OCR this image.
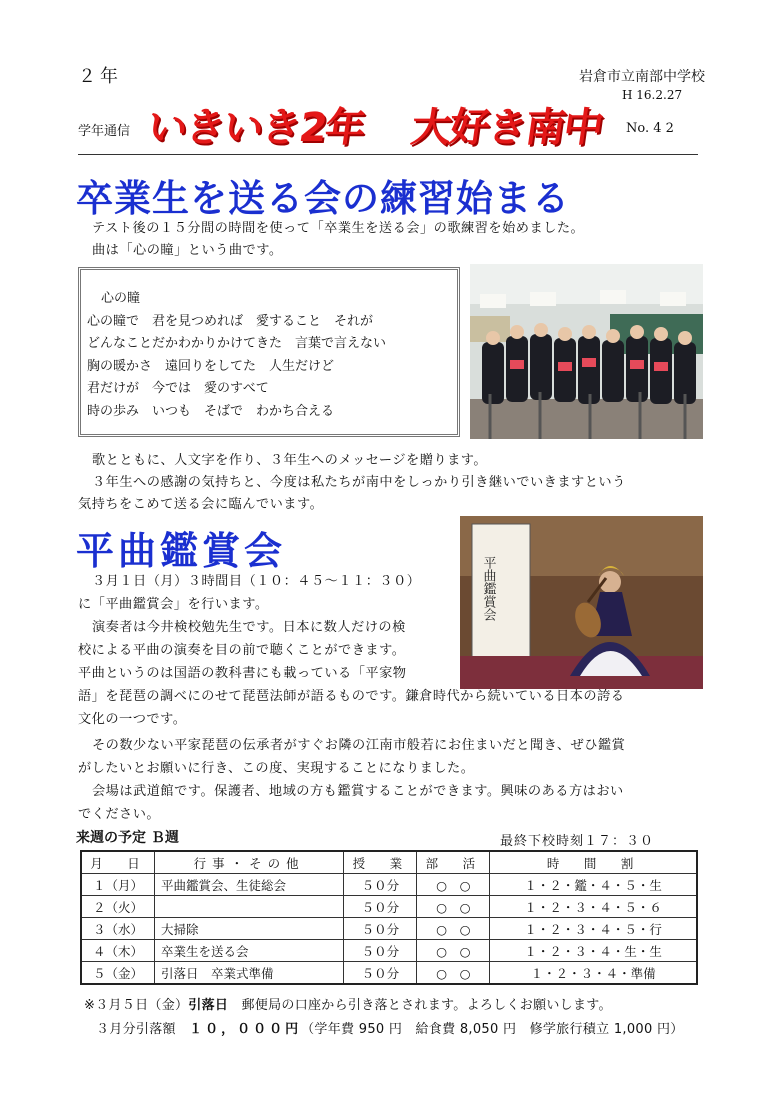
２年	岩倉市立南部中学校
H 16.2.27
学年通信 いきいき2年 大好き南中 No. 4 2
卒業生を送る会の練習始まる
テスト後の１５分間の時間を使って「卒業生を送る会」の歌練習を始めました。
曲は「心の瞳」という曲です。
心の瞳
心の瞳で　君を見つめれば　愛すること　それが
どんなことだかわかりかけてきた　言葉で言えない
胸の暖かさ　遠回りをしてた　人生だけど
君だけが　今では　愛のすべて
時の歩み　いつも　そばで　わかち合える
歌とともに、人文字を作り、３年生へのメッセージを贈ります。
３年生への感謝の気持ちと、今度は私たちが南中をしっかり引き継いでいきますという
気持ちをこめて送る会に臨んでいます。
平曲鑑賞会
平曲鑑賞会
３月１日（月）３時間目（１０：４５～１１：３０）
に「平曲鑑賞会」を行います。
演奏者は今井検校勉先生です。日本に数人だけの検
校による平曲の演奏を目の前で聴くことができます。
平曲というのは国語の教科書にも載っている「平家物
語」を琵琶の調べにのせて琵琶法師が語るものです。鎌倉時代から続いている日本の誇る
文化の一つです。
その数少ない平家琵琶の伝承者がすぐお隣の江南市般若にお住まいだと聞き、ぜひ鑑賞
がしたいとお願いに行き、この度、実現することになりました。
会場は武道館です。保護者、地域の方も鑑賞することができます。興味のある方はおい
でください。
来週の予定 Ｂ週	最終下校時刻１７：３０
月　日	行事・その他	授　業	部　活	時　間　割
１（月）	平曲鑑賞会、生徒総会	５０分	○　○	１・２・鑑・４・５・生
２（火）		５０分	○　○	１・２・３・４・５・６
３（水）	大掃除	５０分	○　○	１・２・３・４・５・行
４（木）	卒業生を送る会	５０分	○　○	１・２・３・４・生・生
５（金）	引落日　卒業式準備	５０分	○　○	１・２・３・４・準備
※３月５日（金）引落日　郵便局の口座から引き落とされます。よろしくお願いします。
３月分引落額　１０，０００円（学年費 950 円　給食費 8,050 円　修学旅行積立 1,000 円）
